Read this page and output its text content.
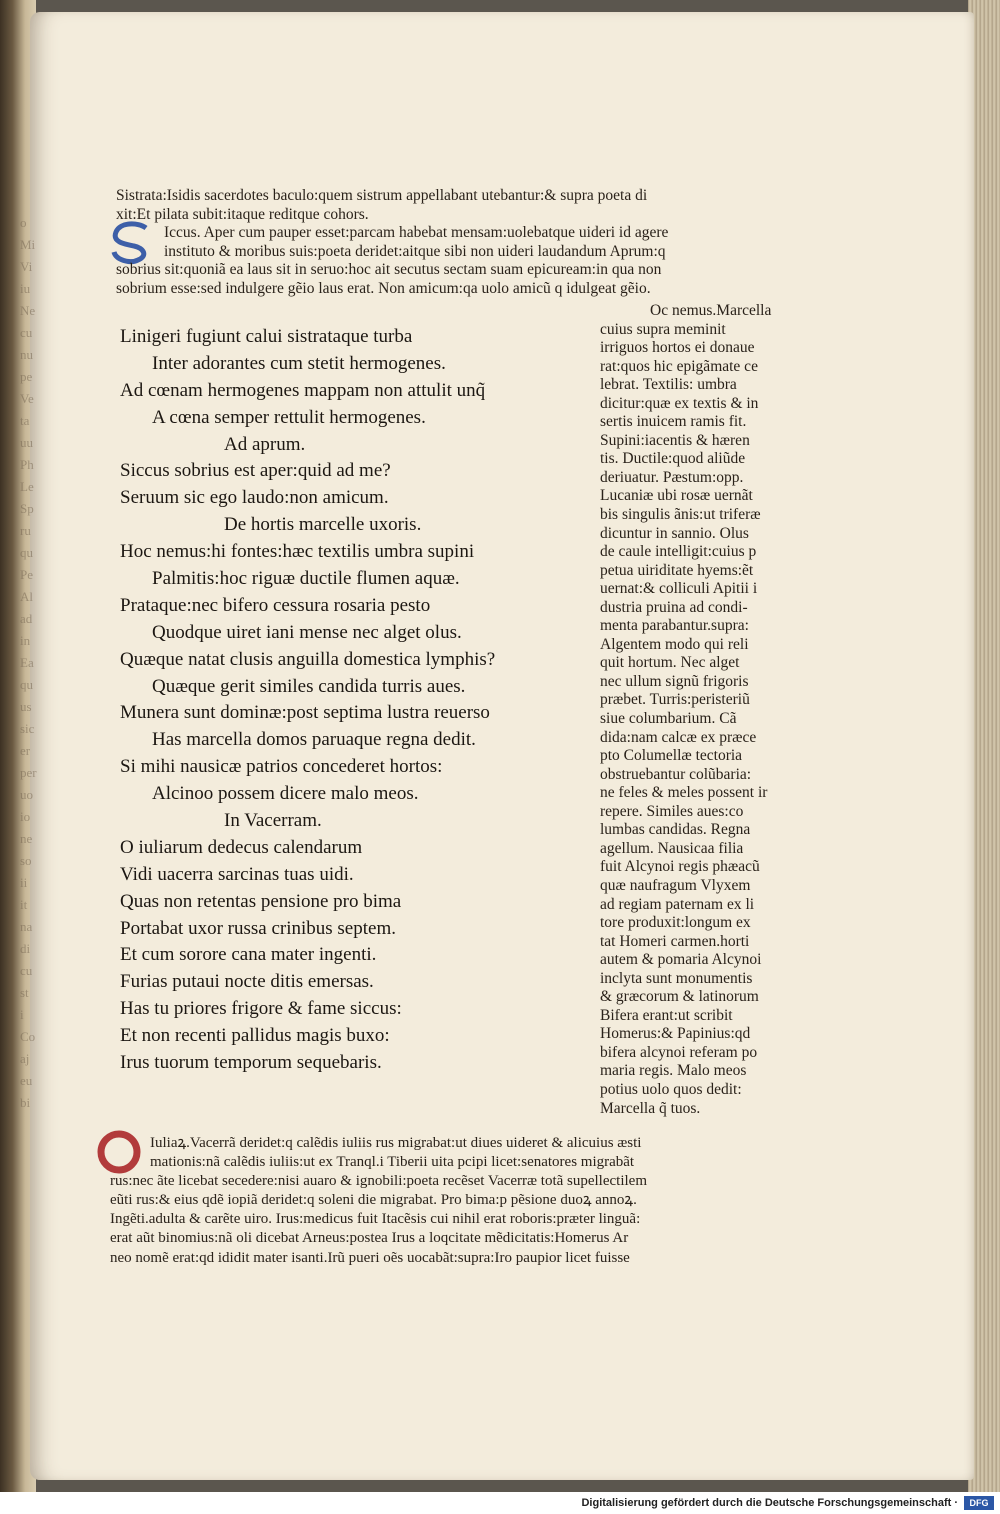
o
Mi
Vi
iu
Ne
cu
nu
pe
Ve
ta
uu
Ph
Le
Sp
ru
qu
Pe
Al
ad
in
Ea
qu
us
sic
er
per
uo
io
ne
so
ii
it
na
di
cu
st
i
Co
aj
eu
bi
Sistrata:Isidis sacerdotes baculo:quem sistrum appellabant utebantur:& supra poeta di
xit:Et pilata subit:itaque reditque cohors.
Iccus. Aper cum pauper esset:parcam habebat mensam:uolebatque uideri id agere
instituto & moribus suis:poeta deridet:aitque sibi non uideri laudandum Aprum:q
sobrius sit:quoniã ea laus sit in seruo:hoc ait secutus sectam suam epicuream:in qua non
sobrium esse:sed indulgere gẽio laus erat. Non amicum:qa uolo amicũ q idulgeat gẽio.
Linigeri fugiunt calui sistrataque turba
Inter adorantes cum stetit hermogenes.
Ad cœnam hermogenes mappam non attulit unq̃
A cœna semper rettulit hermogenes.
Ad aprum.
Siccus sobrius est aper:quid ad me?
Seruum sic ego laudo:non amicum.
De hortis marcelle uxoris.
Hoc nemus:hi fontes:hæc textilis umbra supini
Palmitis:hoc riguæ ductile flumen aquæ.
Prataque:nec bifero cessura rosaria pesto
Quodque uiret iani mense nec alget olus.
Quæque natat clusis anguilla domestica lymphis?
Quæque gerit similes candida turris aues.
Munera sunt dominæ:post septima lustra reuerso
Has marcella domos paruaque regna dedit.
Si mihi nausicæ patrios concederet hortos:
Alcinoo possem dicere malo meos.
In Vacerram.
O iuliarum dedecus calendarum
Vidi uacerra sarcinas tuas uidi.
Quas non retentas pensione pro bima
Portabat uxor russa crinibus septem.
Et cum sorore cana mater ingenti.
Furias putaui nocte ditis emersas.
Has tu priores frigore & fame siccus:
Et non recenti pallidus magis buxo:
Irus tuorum temporum sequebaris.
Oc nemus.Marcella
cuius supra meminit
irriguos hortos ei donaue
rat:quos hic epigãmate ce
lebrat. Textilis: umbra
dicitur:quæ ex textis & in
sertis inuicem ramis fit.
Supini:iacentis & hæren
tis. Ductile:quod aliũde
deriuatur. Pæstum:opp.
Lucaniæ ubi rosæ uernãt
bis singulis ãnis:ut triferæ
dicuntur in sannio. Olus
de caule intelligit:cuius p
petua uiriditate hyems:ẽt
uernat:& colliculi Apitii i
dustria pruina ad condi-
menta parabantur.supra:
Algentem modo qui reli
quit hortum. Nec alget
nec ullum signũ frigoris
præbet. Turris:peristeriũ
siue columbarium. Cã
dida:nam calcæ ex præce
pto Columellæ tectoria
obstruebantur colũbaria:
ne feles & meles possent ir
repere. Similes aues:co
lumbas candidas. Regna
agellum. Nausicaa filia
fuit Alcynoi regis phæacũ
quæ naufragum Vlyxem
ad regiam paternam ex li
tore produxit:longum ex
tat Homeri carmen.horti
autem & pomaria Alcynoi
inclyta sunt monumentis
& græcorum & latinorum
Bifera erant:ut scribit
Homerus:& Papinius:qd
bifera alcynoi referam po
maria regis. Malo meos
potius uolo quos dedit:
Marcella q̃ tuos.
Iuliaꝝ.Vacerrã deridet:q calẽdis iuliis rus migrabat:ut diues uideret & alicuius æsti
mationis:nã calẽdis iuliis:ut ex Tranql.i Tiberii uita pcipi licet:senatores migrabãt
rus:nec ãte licebat secedere:nisi auaro & ignobili:poeta recẽset Vacerræ totã supellectilem
eũti rus:& eius qdẽ iopiã deridet:q soleni die migrabat. Pro bima:p pẽsione duoꝝ annoꝝ.
Ingẽti.adulta & carẽte uiro. Irus:medicus fuit Itacẽsis cui nihil erat roboris:præter linguã:
erat aũt binomius:nã oli dicebat Arneus:postea Irus a loqcitate mẽdicitatis:Homerus Ar
neo nomẽ erat:qd ididit mater isanti.Irũ pueri oẽs uocabãt:supra:Iro paupior licet fuisse
Digitalisierung gefördert durch die Deutsche Forschungsgemeinschaft ·	DFG
